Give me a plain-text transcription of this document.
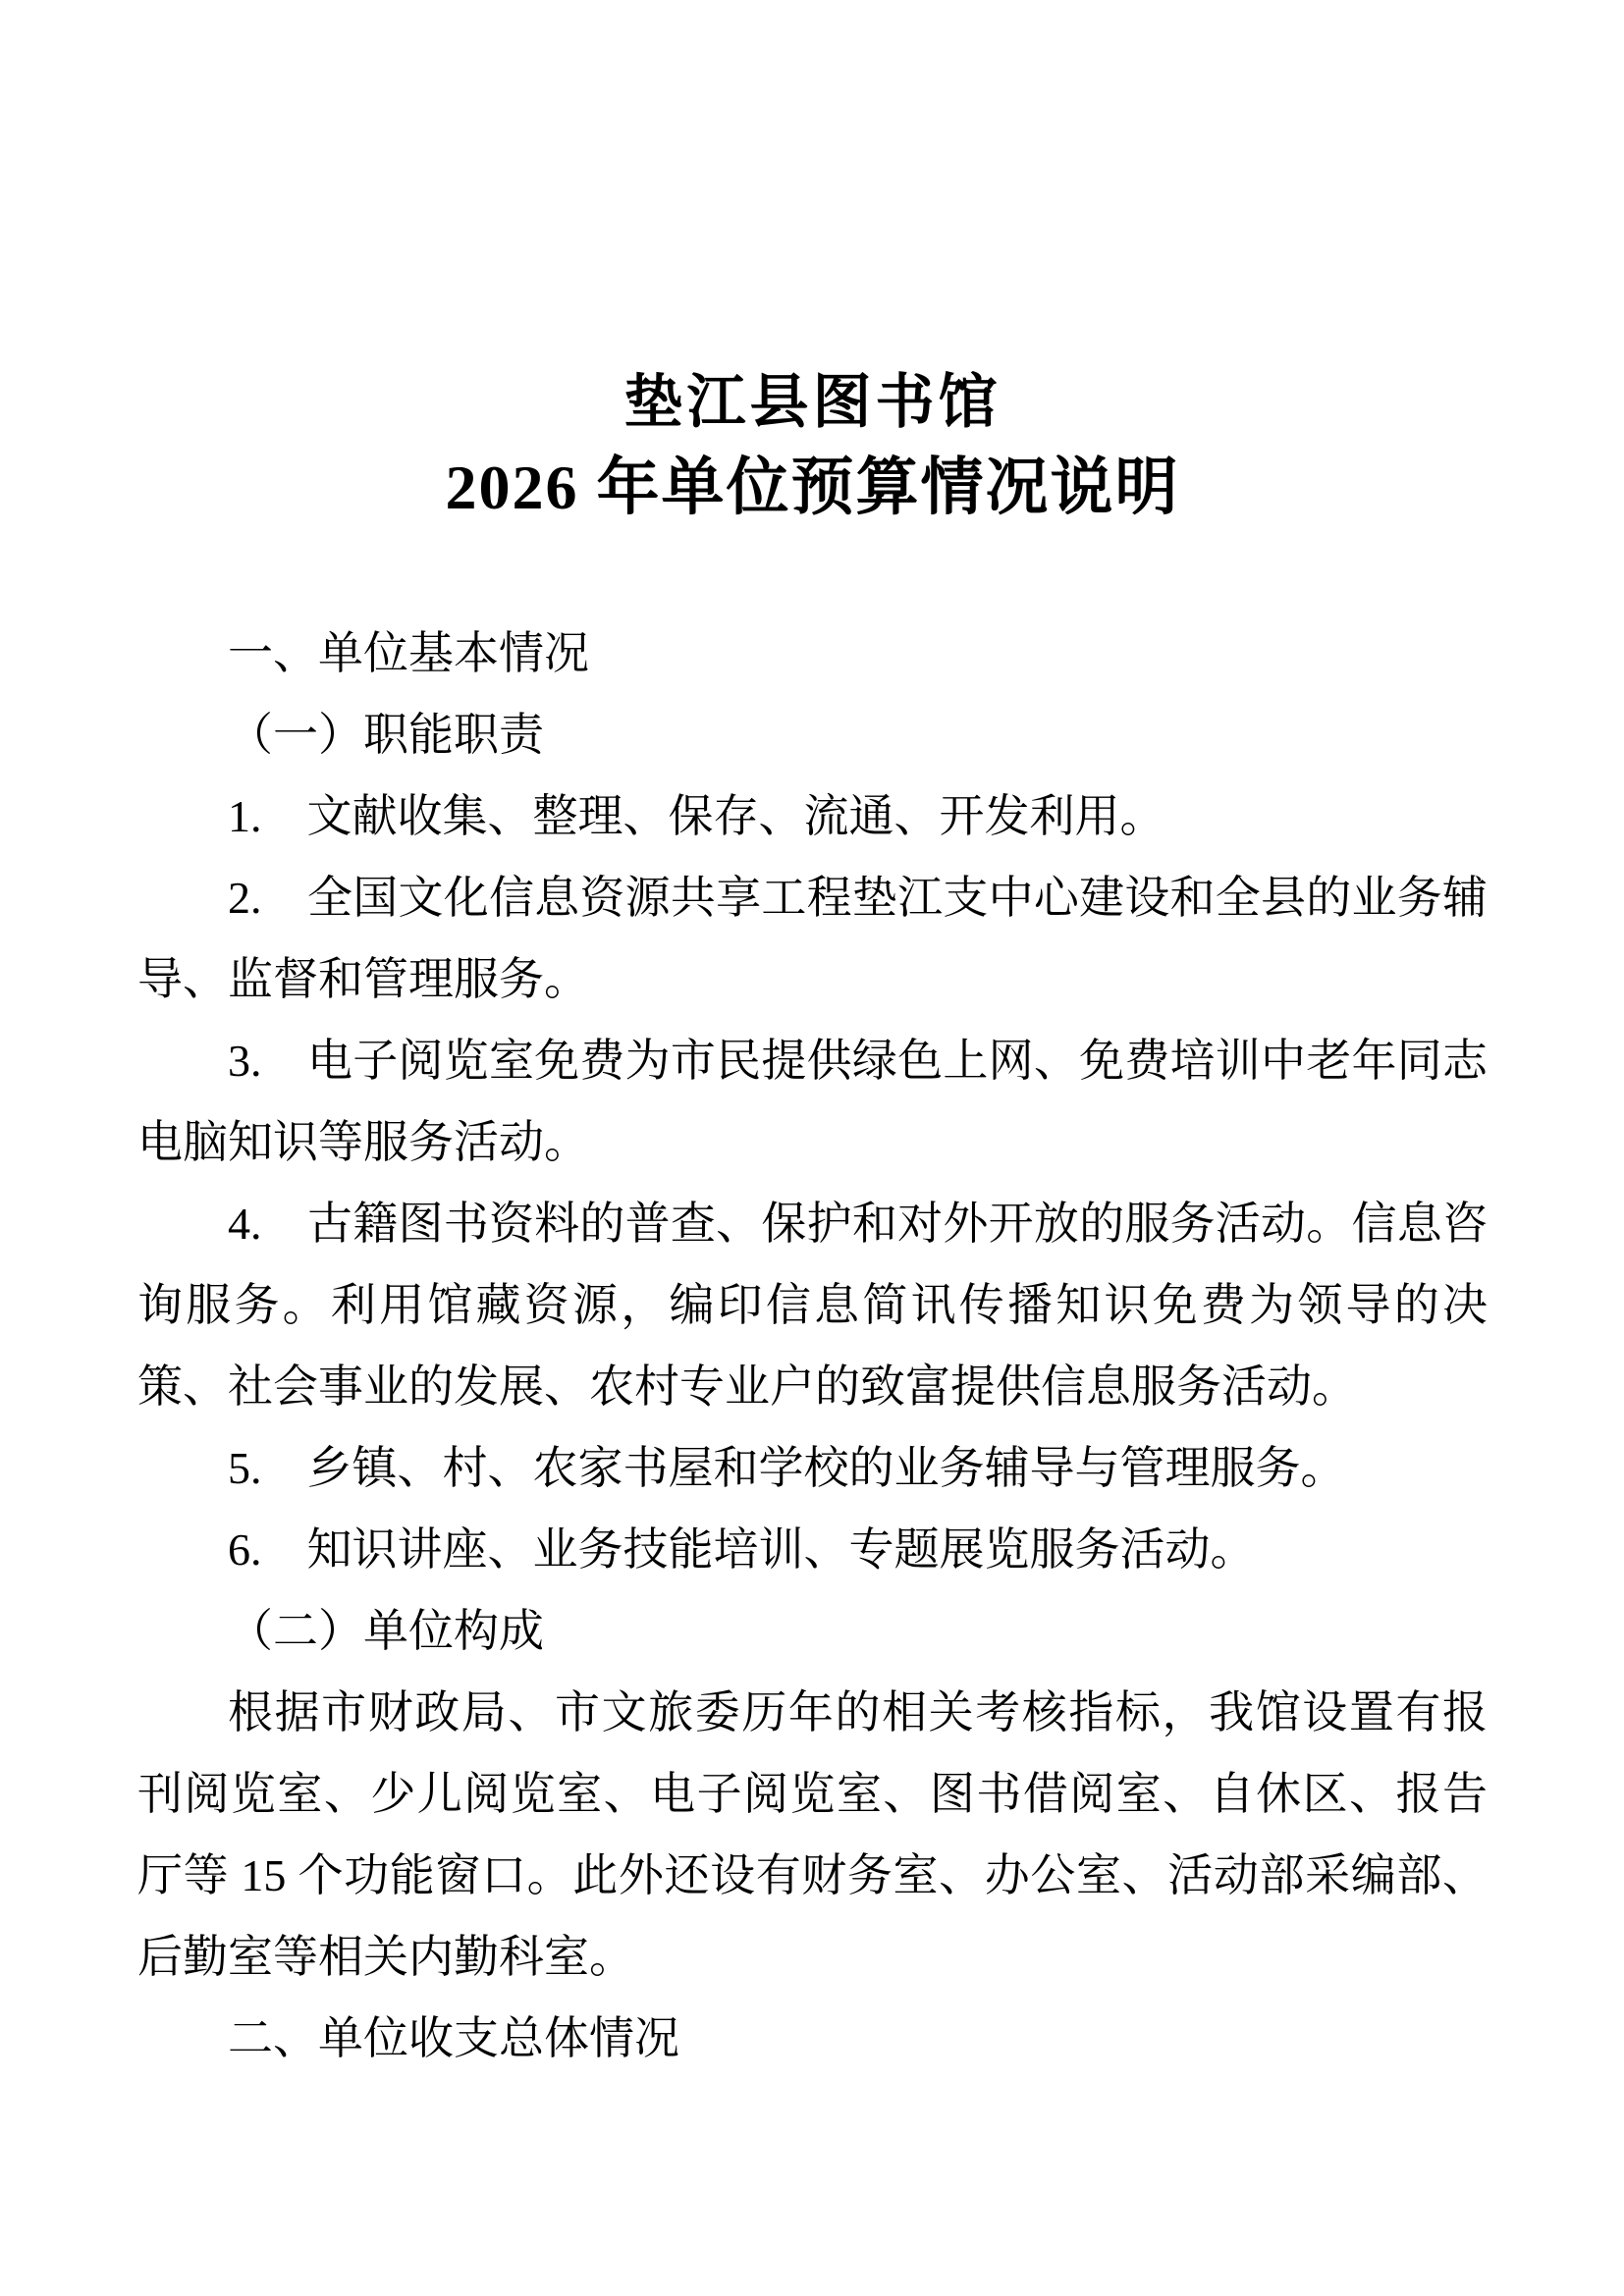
垫江县图书馆
2026 年单位预算情况说明

一、单位基本情况

（一）职能职责

1.　文献收集、整理、保存、流通、开发利用。

2.　全国文化信息资源共享工程垫江支中心建设和全县的业务辅导、监督和管理服务。

3.　电子阅览室免费为市民提供绿色上网、免费培训中老年同志电脑知识等服务活动。

4.　古籍图书资料的普查、保护和对外开放的服务活动。信息咨询服务。利用馆藏资源，编印信息简讯传播知识免费为领导的决策、社会事业的发展、农村专业户的致富提供信息服务活动。

5.　乡镇、村、农家书屋和学校的业务辅导与管理服务。

6.　知识讲座、业务技能培训、专题展览服务活动。

（二）单位构成

根据市财政局、市文旅委历年的相关考核指标，我馆设置有报刊阅览室、少儿阅览室、电子阅览室、图书借阅室、自休区、报告厅等 15 个功能窗口。此外还设有财务室、办公室、活动部采编部、后勤室等相关内勤科室。

二、单位收支总体情况
